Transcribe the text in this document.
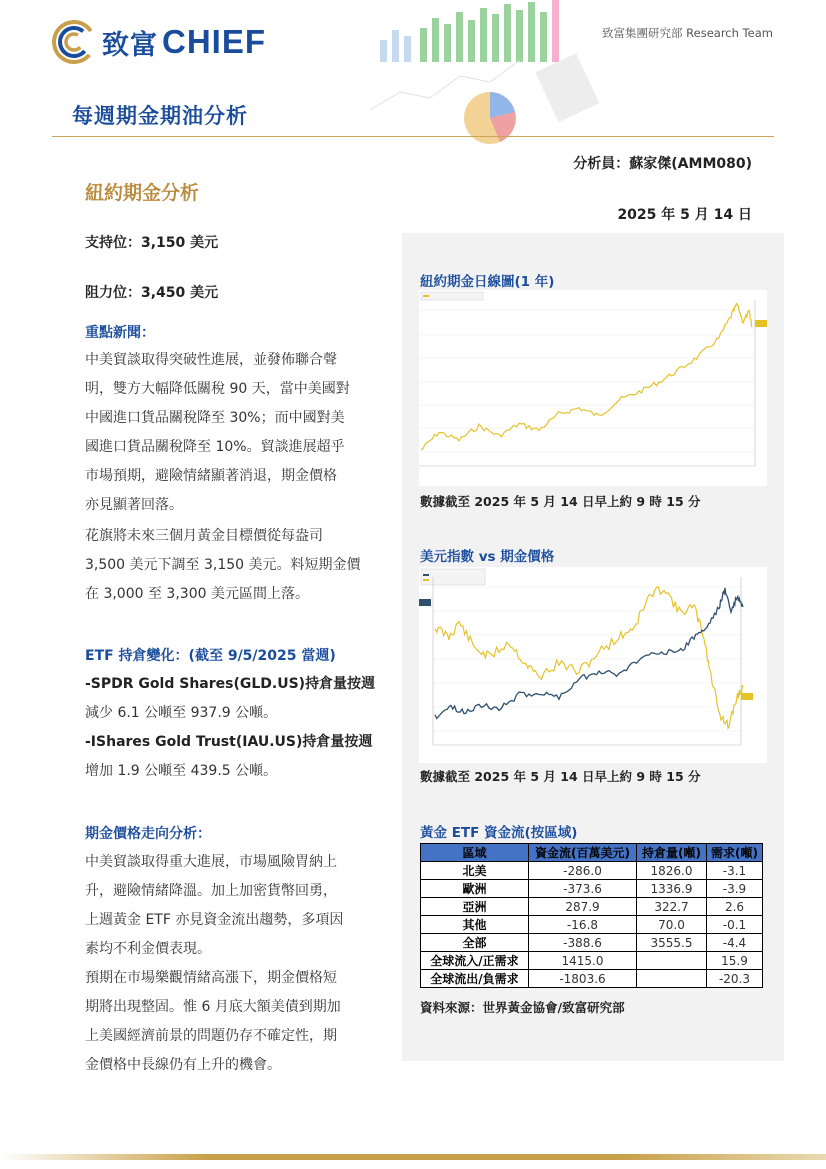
致富 CHIEF	致富集團研究部 Research Team
每週期金期油分析
分析員：蘇家傑(AMM080)
紐約期金分析
2025 年 5 月 14 日
支持位：3,150 美元
阻力位：3,450 美元
重點新聞：
中美貿談取得突破性進展，並發佈聯合聲
明，雙方大幅降低關稅 90 天，當中美國對
中國進口貨品關稅降至 30%；而中國對美
國進口貨品關稅降至 10%。貿談進展超乎
市場預期，避險情緒顯著消退，期金價格
亦見顯著回落。
花旗將未來三個月黃金目標價從每盎司
3,500 美元下調至 3,150 美元。料短期金價
在 3,000 至 3,300 美元區間上落。
ETF 持倉變化：(截至 9/5/2025 當週)
-SPDR Gold Shares(GLD.US)持倉量按週
減少 6.1 公噸至 937.9 公噸。
-IShares Gold Trust(IAU.US)持倉量按週
增加 1.9 公噸至 439.5 公噸。
期金價格走向分析：
中美貿談取得重大進展，市場風險胃納上
升，避險情緒降溫。加上加密貨幣回勇，
上週黃金 ETF 亦見資金流出趨勢，多項因
素均不利金價表現。
預期在市場樂觀情緒高漲下，期金價格短
期將出現整固。惟 6 月底大額美債到期加
上美國經濟前景的問題仍存不確定性，期
金價格中長線仍有上升的機會。
紐約期金日線圖(1 年)
數據截至 2025 年 5 月 14 日早上約 9 時 15 分
美元指數 vs 期金價格
數據截至 2025 年 5 月 14 日早上約 9 時 15 分
黃金 ETF 資金流(按區域)
區域	資金流(百萬美元)	持倉量(噸)	需求(噸)
北美	-286.0	1826.0	-3.1
歐洲	-373.6	1336.9	-3.9
亞洲	287.9	322.7	2.6
其他	-16.8	70.0	-0.1
全部	-388.6	3555.5	-4.4
全球流入/正需求	1415.0		15.9
全球流出/負需求	-1803.6		-20.3
資料來源：世界黃金協會/致富研究部
